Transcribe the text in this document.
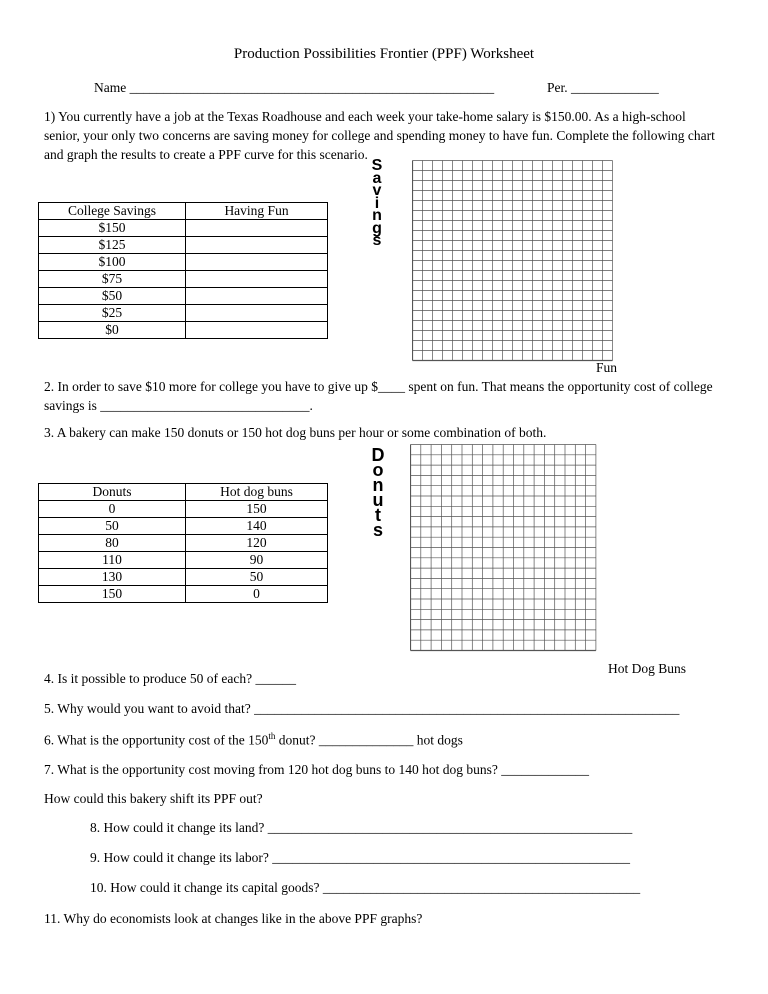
Production Possibilities Frontier (PPF) Worksheet
Name ______________________________________________________	Per. _____________
1) You currently have a job at the Texas Roadhouse and each week your take-home salary is $150.00. As a high-school senior, your only two concerns are saving money for college and spending money to have fun. Complete the following chart and graph the results to create a PPF curve for this scenario.
College Savings	Having Fun
$150	
$125	
$100	
$75	
$50	
$25	
$0	
S
a
v
i
n
g
s
Fun
2. In order to save $10 more for college you have to give up $____ spent on fun. That means the opportunity cost of college savings is _______________________________.
3. A bakery can make 150 donuts or 150 hot dog buns per hour or some combination of both.
Donuts	Hot dog buns
0	150
50	140
80	120
110	90
130	50
150	0
D
o
n
u
t
s
Hot Dog Buns
4. Is it possible to produce 50 of each? ______
5. Why would you want to avoid that? _______________________________________________________________
6. What is the opportunity cost of the 150th donut? ______________ hot dogs
7. What is the opportunity cost moving from 120 hot dog buns to 140 hot dog buns? _____________
How could this bakery shift its PPF out?
8. How could it change its land? ______________________________________________________
9. How could it change its labor? _____________________________________________________
10. How could it change its capital goods? _______________________________________________
11. Why do economists look at changes like in the above PPF graphs?
